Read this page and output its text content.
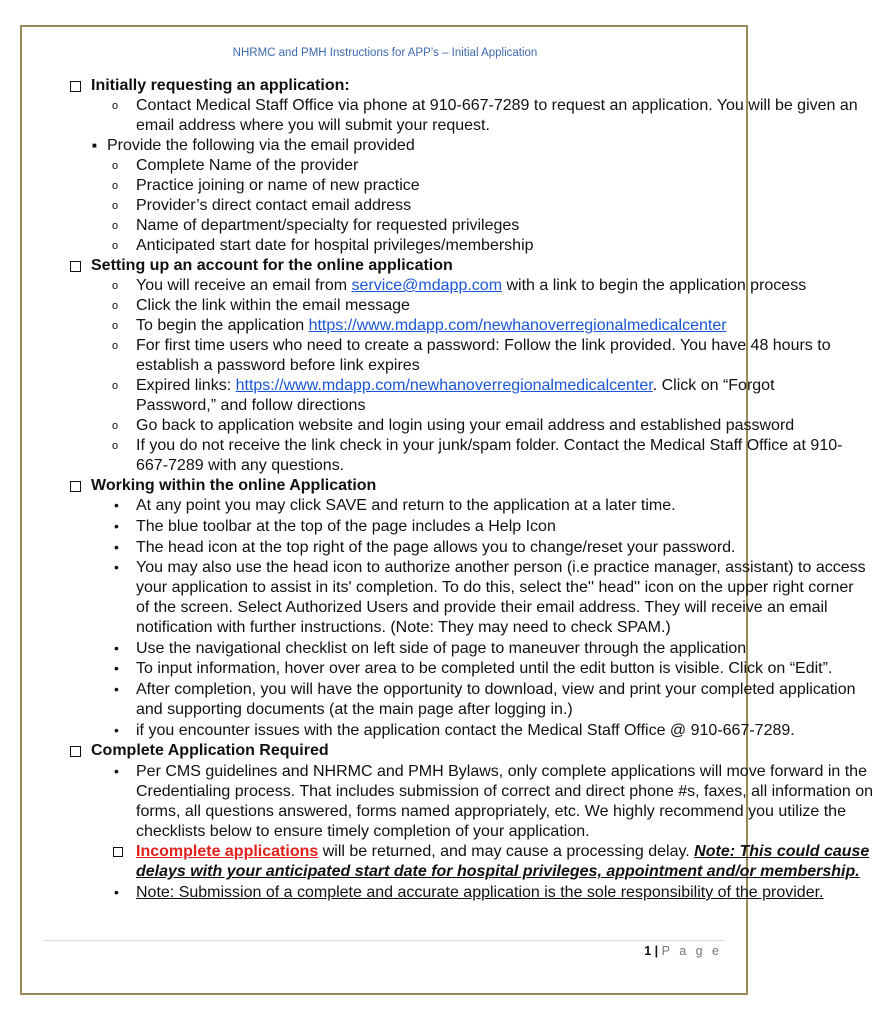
NHRMC and PMH Instructions for APP’s – Initial Application
Initially requesting an application:
o Contact Medical Staff Office via phone at 910-667-7289 to request an application. You will be given an
email address where you will submit your request.
■ Provide the following via the email provided
o Complete Name of the provider
o Practice joining or name of new practice
o Provider’s direct contact email address
o Name of department/specialty for requested privileges
o Anticipated start date for hospital privileges/membership
Setting up an account for the online application
o You will receive an email from service@mdapp.com with a link to begin the application process
o Click the link within the email message
o To begin the application https://www.mdapp.com/newhanoverregionalmedicalcenter
o For first time users who need to create a password: Follow the link provided. You have 48 hours to
establish a password before link expires
o Expired links: https://www.mdapp.com/newhanoverregionalmedicalcenter. Click on “Forgot
Password,” and follow directions
o Go back to application website and login using your email address and established password
o If you do not receive the link check in your junk/spam folder. Contact the Medical Staff Office at 910-
667-7289 with any questions.
Working within the online Application
• At any point you may click SAVE and return to the application at a later time.
• The blue toolbar at the top of the page includes a Help Icon
• The head icon at the top right of the page allows you to change/reset your password.
• You may also use the head icon to authorize another person (i.e practice manager, assistant) to access
your application to assist in its' completion. To do this, select the'' head'' icon on the upper right corner
of the screen. Select Authorized Users and provide their email address. They will receive an email
notification with further instructions. (Note: They may need to check SPAM.)
• Use the navigational checklist on left side of page to maneuver through the application
• To input information, hover over area to be completed until the edit button is visible. Click on “Edit”.
• After completion, you will have the opportunity to download, view and print your completed application
and supporting documents (at the main page after logging in.)
• if you encounter issues with the application contact the Medical Staff Office @ 910-667-7289.
Complete Application Required
• Per CMS guidelines and NHRMC and PMH Bylaws, only complete applications will move forward in the
Credentialing process. That includes submission of correct and direct phone #s, faxes, all information on
forms, all questions answered, forms named appropriately, etc. We highly recommend you utilize the
checklists below to ensure timely completion of your application.
Incomplete applications will be returned, and may cause a processing delay. Note: This could cause
delays with your anticipated start date for hospital privileges, appointment and/or membership.
• Note: Submission of a complete and accurate application is the sole responsibility of the provider.
1 | P a g e
